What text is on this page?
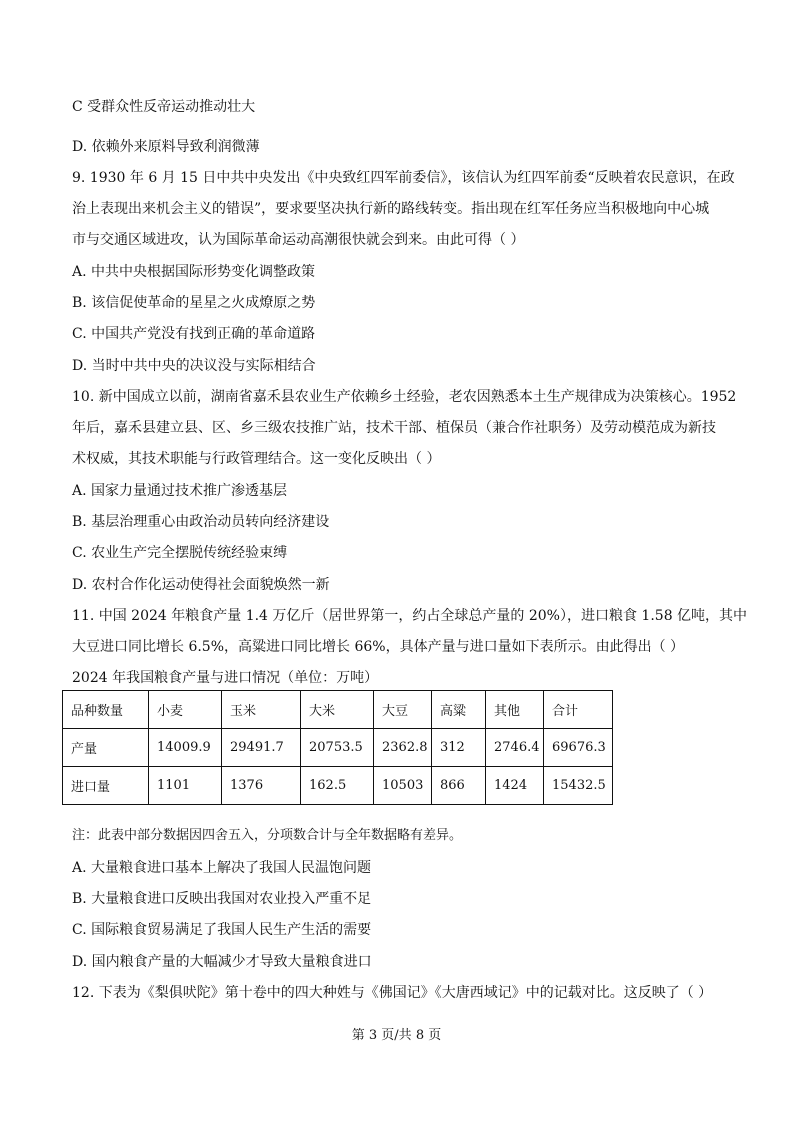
C 受群众性反帝运动推动壮大
D. 依赖外来原料导致利润微薄
9. 1930 年 6 月 15 日中共中央发出《中央致红四军前委信》，该信认为红四军前委“反映着农民意识，在政
治上表现出来机会主义的错误”，要求要坚决执行新的路线转变。指出现在红军任务应当积极地向中心城
市与交通区域进攻，认为国际革命运动高潮很快就会到来。由此可得（ ）
A. 中共中央根据国际形势变化调整政策
B. 该信促使革命的星星之火成燎原之势
C. 中国共产党没有找到正确的革命道路
D. 当时中共中央的决议没与实际相结合
10. 新中国成立以前，湖南省嘉禾县农业生产依赖乡土经验，老农因熟悉本土生产规律成为决策核心。1952
年后，嘉禾县建立县、区、乡三级农技推广站，技术干部、植保员（兼合作社职务）及劳动模范成为新技
术权威，其技术职能与行政管理结合。这一变化反映出（ ）
A. 国家力量通过技术推广渗透基层
B. 基层治理重心由政治动员转向经济建设
C. 农业生产完全摆脱传统经验束缚
D. 农村合作化运动使得社会面貌焕然一新
11. 中国 2024 年粮食产量 1.4 万亿斤（居世界第一，约占全球总产量的 20%），进口粮食 1.58 亿吨，其中
大豆进口同比增长 6.5%，高粱进口同比增长 66%，具体产量与进口量如下表所示。由此得出（ ）
2024 年我国粮食产量与进口情况（单位：万吨）
品种数量	小麦	玉米	大米	大豆	高粱	其他	合计
产量	14009.9	29491.7	20753.5	2362.8	312	2746.4	69676.3
进口量	1101	1376	162.5	10503	866	1424	15432.5
注：此表中部分数据因四舍五入，分项数合计与全年数据略有差异。
A. 大量粮食进口基本上解决了我国人民温饱问题
B. 大量粮食进口反映出我国对农业投入严重不足
C. 国际粮食贸易满足了我国人民生产生活的需要
D. 国内粮食产量的大幅减少才导致大量粮食进口
12. 下表为《梨俱吠陀》第十卷中的四大种姓与《佛国记》《大唐西域记》中的记载对比。这反映了（ ）
第 3 页/共 8 页
